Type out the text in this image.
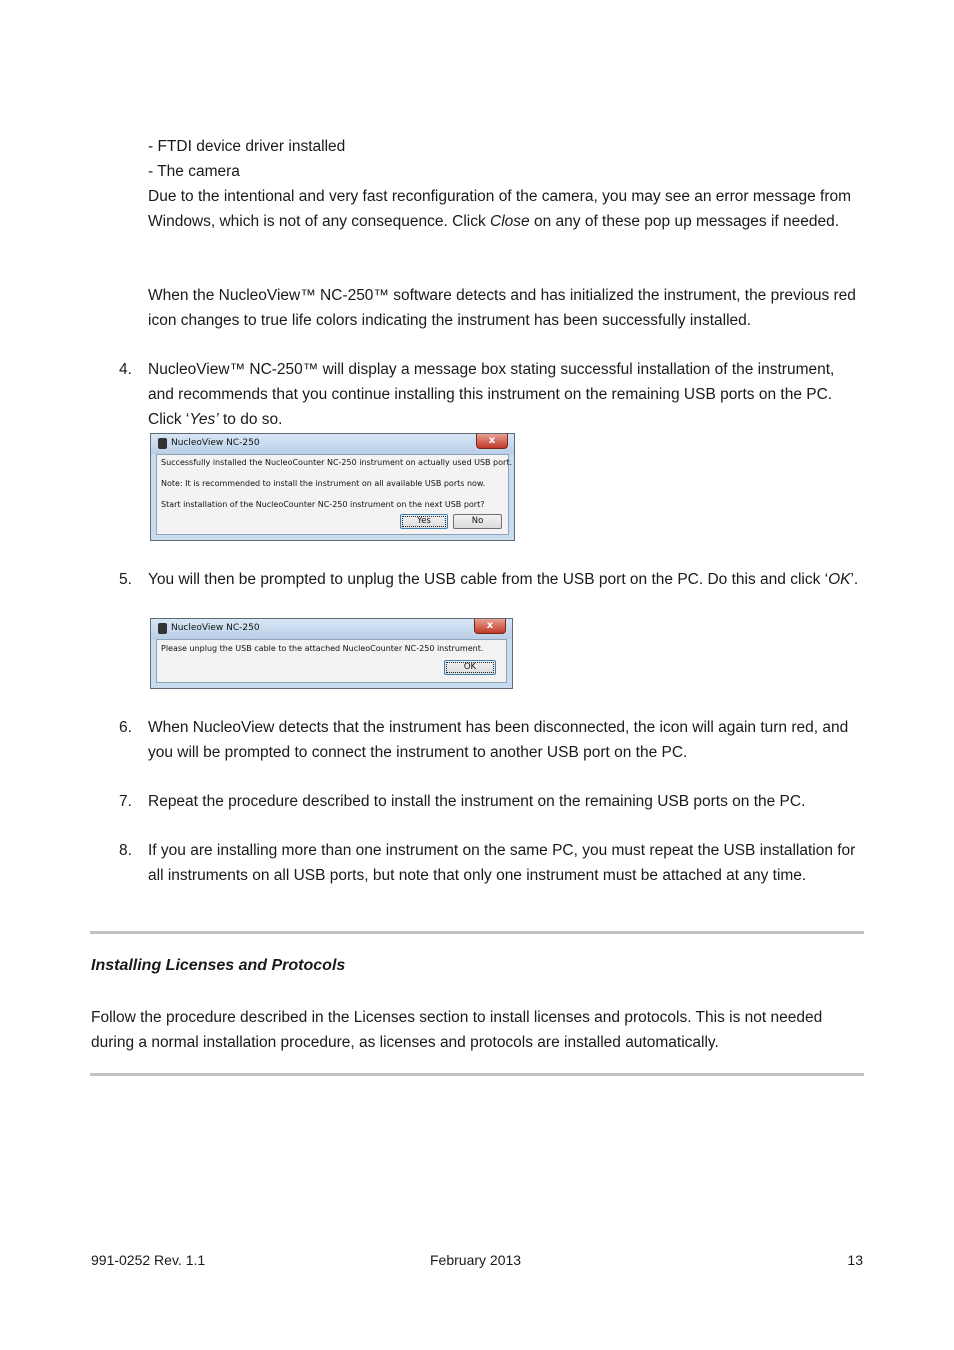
- FTDI device driver installed
- The camera
Due to the intentional and very fast reconfiguration of the camera, you may see an error message from Windows, which is not of any consequence. Click Close on any of these pop up messages if needed.
When the NucleoView™ NC-250™ software detects and has initialized the instrument, the previous red icon changes to true life colors indicating the instrument has been successfully installed.
4.	NucleoView™ NC-250™ will display a message box stating successful installation of the instrument, and recommends that you continue installing this instrument on the remaining USB ports on the PC. Click ‘Yes’ to do so.
NucleoView NC-250	x
Successfully installed the NucleoCounter NC-250 instrument on actually used USB port.
Note: It is recommended to install the instrument on all available USB ports now.
Start installation of the NucleoCounter NC-250 instrument on the next USB port?
Yes	No
5.	You will then be prompted to unplug the USB cable from the USB port on the PC. Do this and click ‘OK’.
NucleoView NC-250	x
Please unplug the USB cable to the attached NucleoCounter NC-250 instrument.
OK
6.	When NucleoView detects that the instrument has been disconnected, the icon will again turn red, and you will be prompted to connect the instrument to another USB port on the PC.
7.	Repeat the procedure described to install the instrument on the remaining USB ports on the PC.
8.	If you are installing more than one instrument on the same PC, you must repeat the USB installation for all instruments on all USB ports, but note that only one instrument must be attached at any time.
Installing Licenses and Protocols
Follow the procedure described in the Licenses section to install licenses and protocols. This is not needed during a normal installation procedure, as licenses and protocols are installed automatically.
991-0252 Rev. 1.1	February 2013	13
